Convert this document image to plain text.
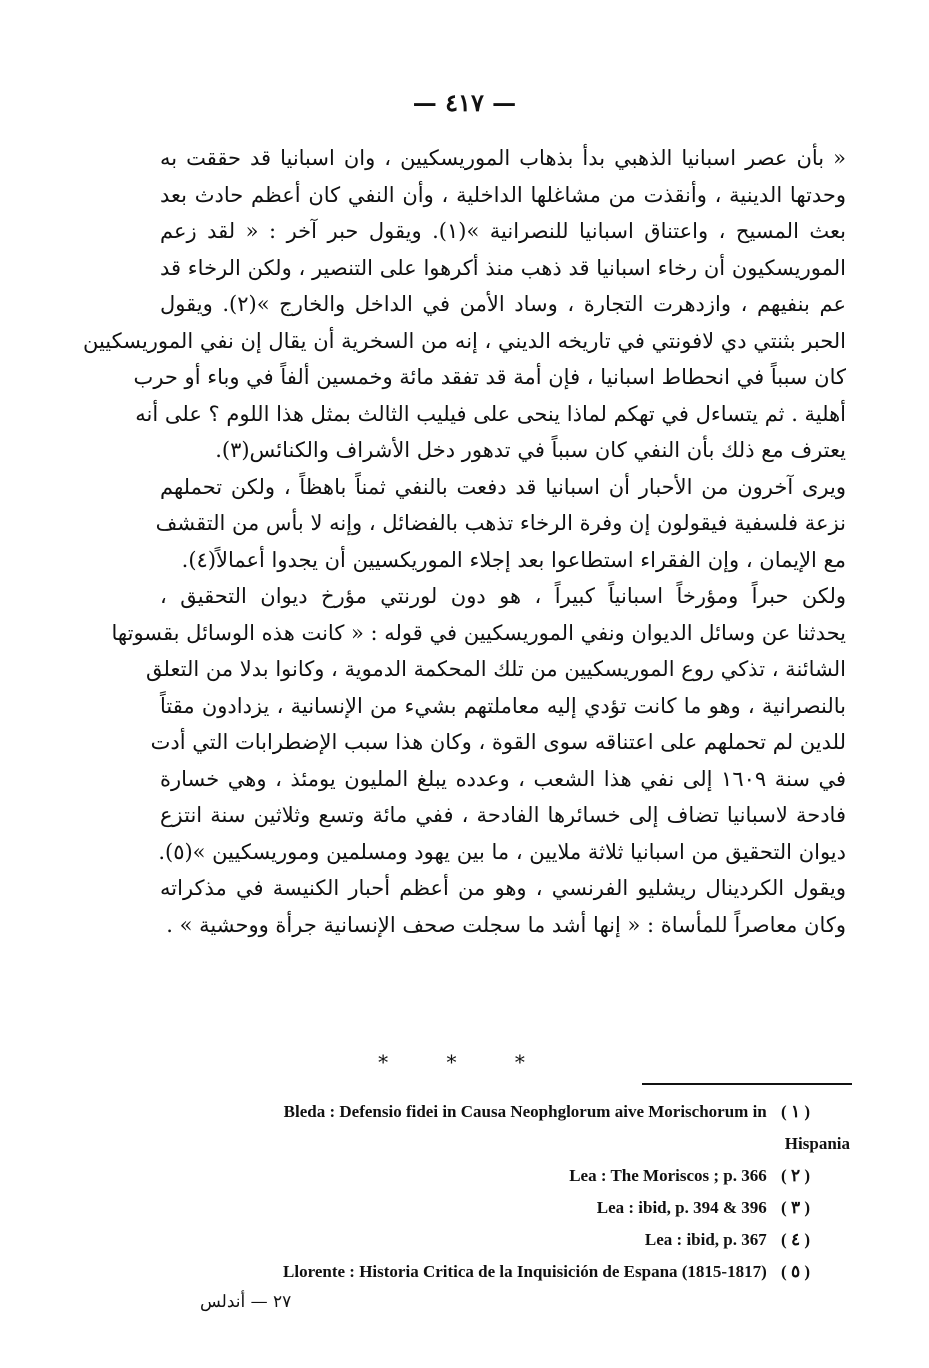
— ٤١٧ —
« بأن عصر اسبانيا الذهبي بدأ بذهاب الموريسكيين ، وان اسبانيا قد حققت به
وحدتها الدينية ، وأنقذت من مشاغلها الداخلية ، وأن النفي كان أعظم حادث بعد
بعث المسيح ، واعتناق اسبانيا للنصرانية »(١). ويقول حبر آخر : « لقد زعم
الموريسكيون أن رخاء اسبانيا قد ذهب منذ أكرهوا على التنصير ، ولكن الرخاء قد
عم بنفيهم ، وازدهرت التجارة ، وساد الأمن في الداخل والخارج »(٢). ويقول
الحبر بثنتي دي لافونتي في تاريخه الديني ، إنه من السخرية أن يقال إن نفي الموريسكيين
كان سبباً في انحطاط اسبانيا ، فإن أمة قد تفقد مائة وخمسين ألفاً في وباء أو حرب
أهلية . ثم يتساءل في تهكم لماذا ينحى على فيليب الثالث بمثل هذا اللوم ؟ على أنه
يعترف مع ذلك بأن النفي كان سبباً في تدهور دخل الأشراف والكنائس(٣).
ويرى آخرون من الأحبار أن اسبانيا قد دفعت بالنفي ثمناً باهظاً ، ولكن تحملهم
نزعة فلسفية فيقولون إن وفرة الرخاء تذهب بالفضائل ، وإنه لا بأس من التقشف
مع الإيمان ، وإن الفقراء استطاعوا بعد إجلاء الموريكسيين أن يجدوا أعمالاً(٤).
ولكن حبراً ومؤرخاً اسبانياً كبيراً ، هو دون لورنتي مؤرخ ديوان التحقيق ،
يحدثنا عن وسائل الديوان ونفي الموريسكيين في قوله : « كانت هذه الوسائل بقسوتها
الشائنة ، تذكي روع الموريسكيين من تلك المحكمة الدموية ، وكانوا بدلا من التعلق
بالنصرانية ، وهو ما كانت تؤدي إليه معاملتهم بشيء من الإنسانية ، يزدادون مقتاً
للدين لم تحملهم على اعتناقه سوى القوة ، وكان هذا سبب الإضطرابات التي أدت
في سنة ١٦٠٩ إلى نفي هذا الشعب ، وعدده يبلغ المليون يومئذ ، وهي خسارة
فادحة لاسبانيا تضاف إلى خسائرها الفادحة ، ففي مائة وتسع وثلاثين سنة انتزع
ديوان التحقيق من اسبانيا ثلاثة ملايين ، ما بين يهود ومسلمين وموريسكيين »(٥).
ويقول الكردينال ريشليو الفرنسي ، وهو من أعظم أحبار الكنيسة في مذكراته
وكان معاصراً للمأساة : « إنها أشد ما سجلت صحف الإنسانية جرأة ووحشية » .
* * *
Bleda : Defensio fidei in Causa Neophglorum aive Morischorum in ( ١ )
Hispania
Lea : The Moriscos ; p. 366 ( ٢ )
Lea : ibid, p. 394 & 396 ( ٣ )
Lea : ibid, p. 367 ( ٤ )
Llorente : Historia Critica de la Inquisición de Espana (1815-1817) ( ٥ )
٢٧ — أندلس
